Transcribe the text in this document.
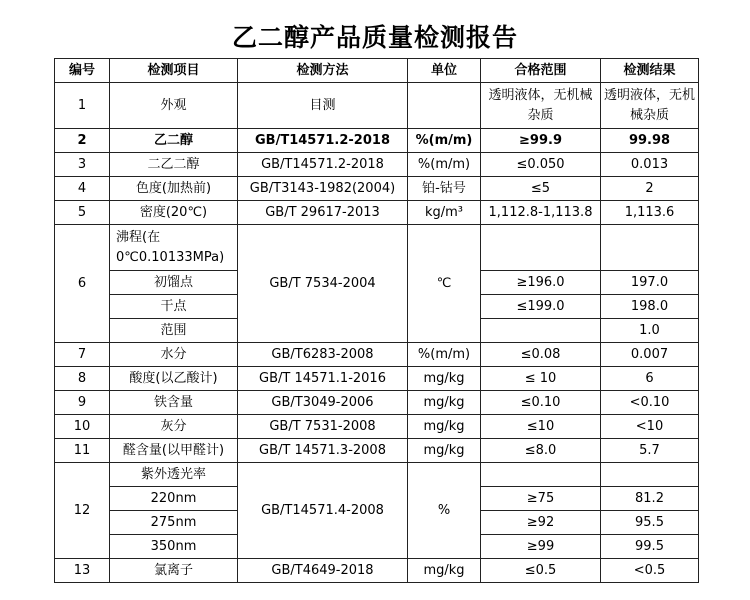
乙二醇产品质量检测报告
编号	检测项目	检测方法	单位	合格范围	检测结果
1	外观	目测		透明液体，无机械杂质	透明液体，无机械杂质
2	乙二醇	GB/T14571.2-2018	%(m/m)	≥99.9	99.98
3	二乙二醇	GB/T14571.2-2018	%(m/m)	≤0.050	0.013
4	色度(加热前)	GB/T3143-1982(2004)	铂-钴号	≤5	2
5	密度(20℃)	GB/T 29617-2013	kg/m³	1,112.8-1,113.8	1,113.6
6	沸程(在0℃0.10133MPa)	GB/T 7534-2004	℃		
	初馏点			≥196.0	197.0
	干点			≤199.0	198.0
	范围				1.0
7	水分	GB/T6283-2008	%(m/m)	≤0.08	0.007
8	酸度(以乙酸计)	GB/T 14571.1-2016	mg/kg	≤ 10	6
9	铁含量	GB/T3049-2006	mg/kg	≤0.10	<0.10
10	灰分	GB/T 7531-2008	mg/kg	≤10	<10
11	醛含量(以甲醛计)	GB/T 14571.3-2008	mg/kg	≤8.0	5.7
12	紫外透光率	GB/T14571.4-2008	%		
	220nm			≥75	81.2
	275nm			≥92	95.5
	350nm			≥99	99.5
13	氯离子	GB/T4649-2018	mg/kg	≤0.5	<0.5
